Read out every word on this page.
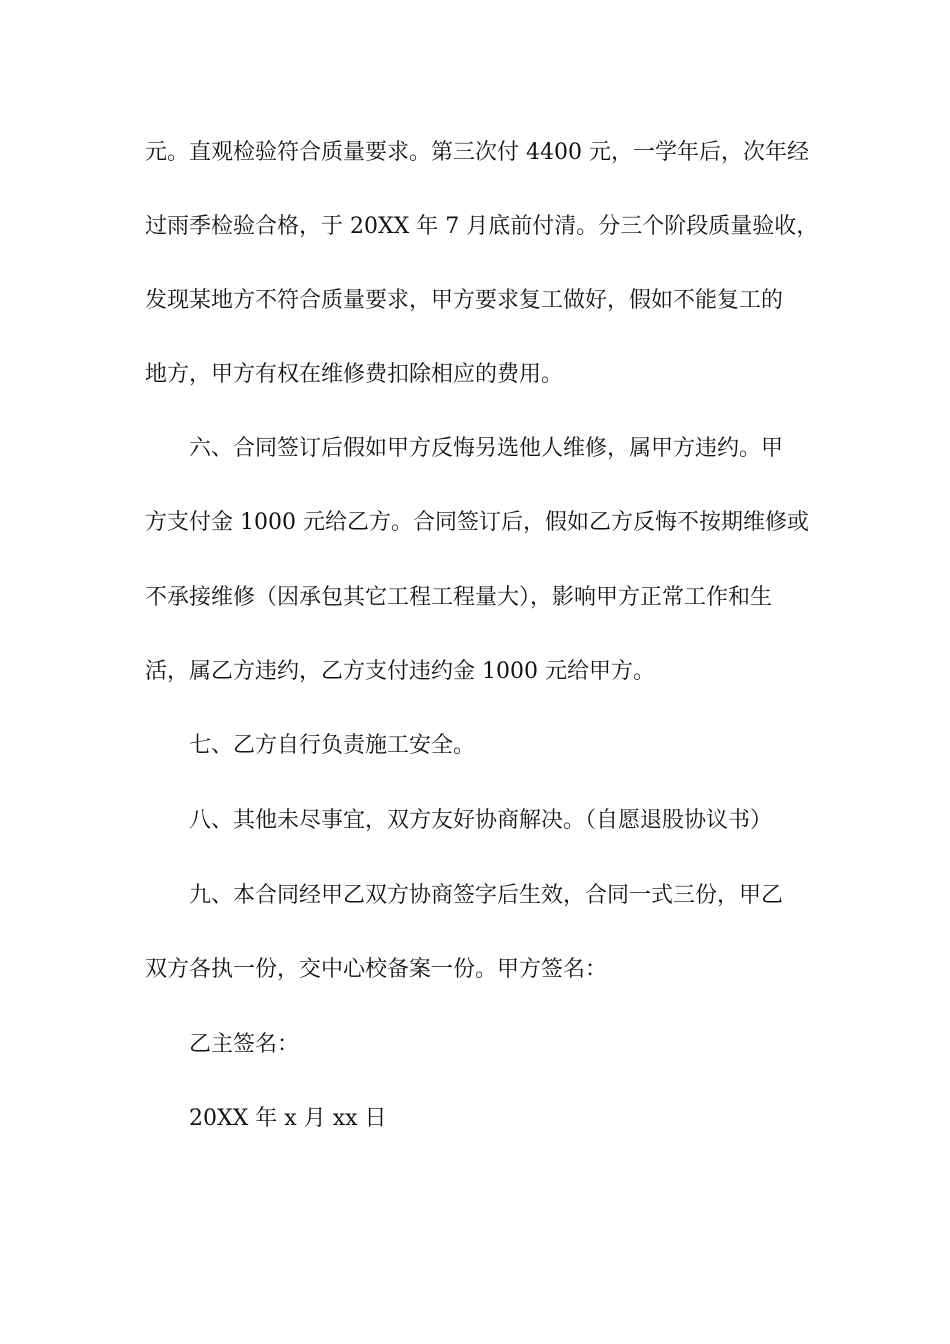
元。直观检验符合质量要求。第三次付 4400 元，一学年后，次年经
过雨季检验合格，于 20XX 年 7 月底前付清。分三个阶段质量验收，
发现某地方不符合质量要求，甲方要求复工做好，假如不能复工的
地方，甲方有权在维修费扣除相应的费用。
六、合同签订后假如甲方反悔另选他人维修，属甲方违约。甲
方支付金 1000 元给乙方。合同签订后，假如乙方反悔不按期维修或
不承接维修（因承包其它工程工程量大），影响甲方正常工作和生
活，属乙方违约，乙方支付违约金 1000 元给甲方。
七、乙方自行负责施工安全。
八、其他未尽事宜，双方友好协商解决。（自愿退股协议书）
九、本合同经甲乙双方协商签字后生效，合同一式三份，甲乙
双方各执一份，交中心校备案一份。甲方签名：
乙主签名：
20XX 年 x 月 xx 日
